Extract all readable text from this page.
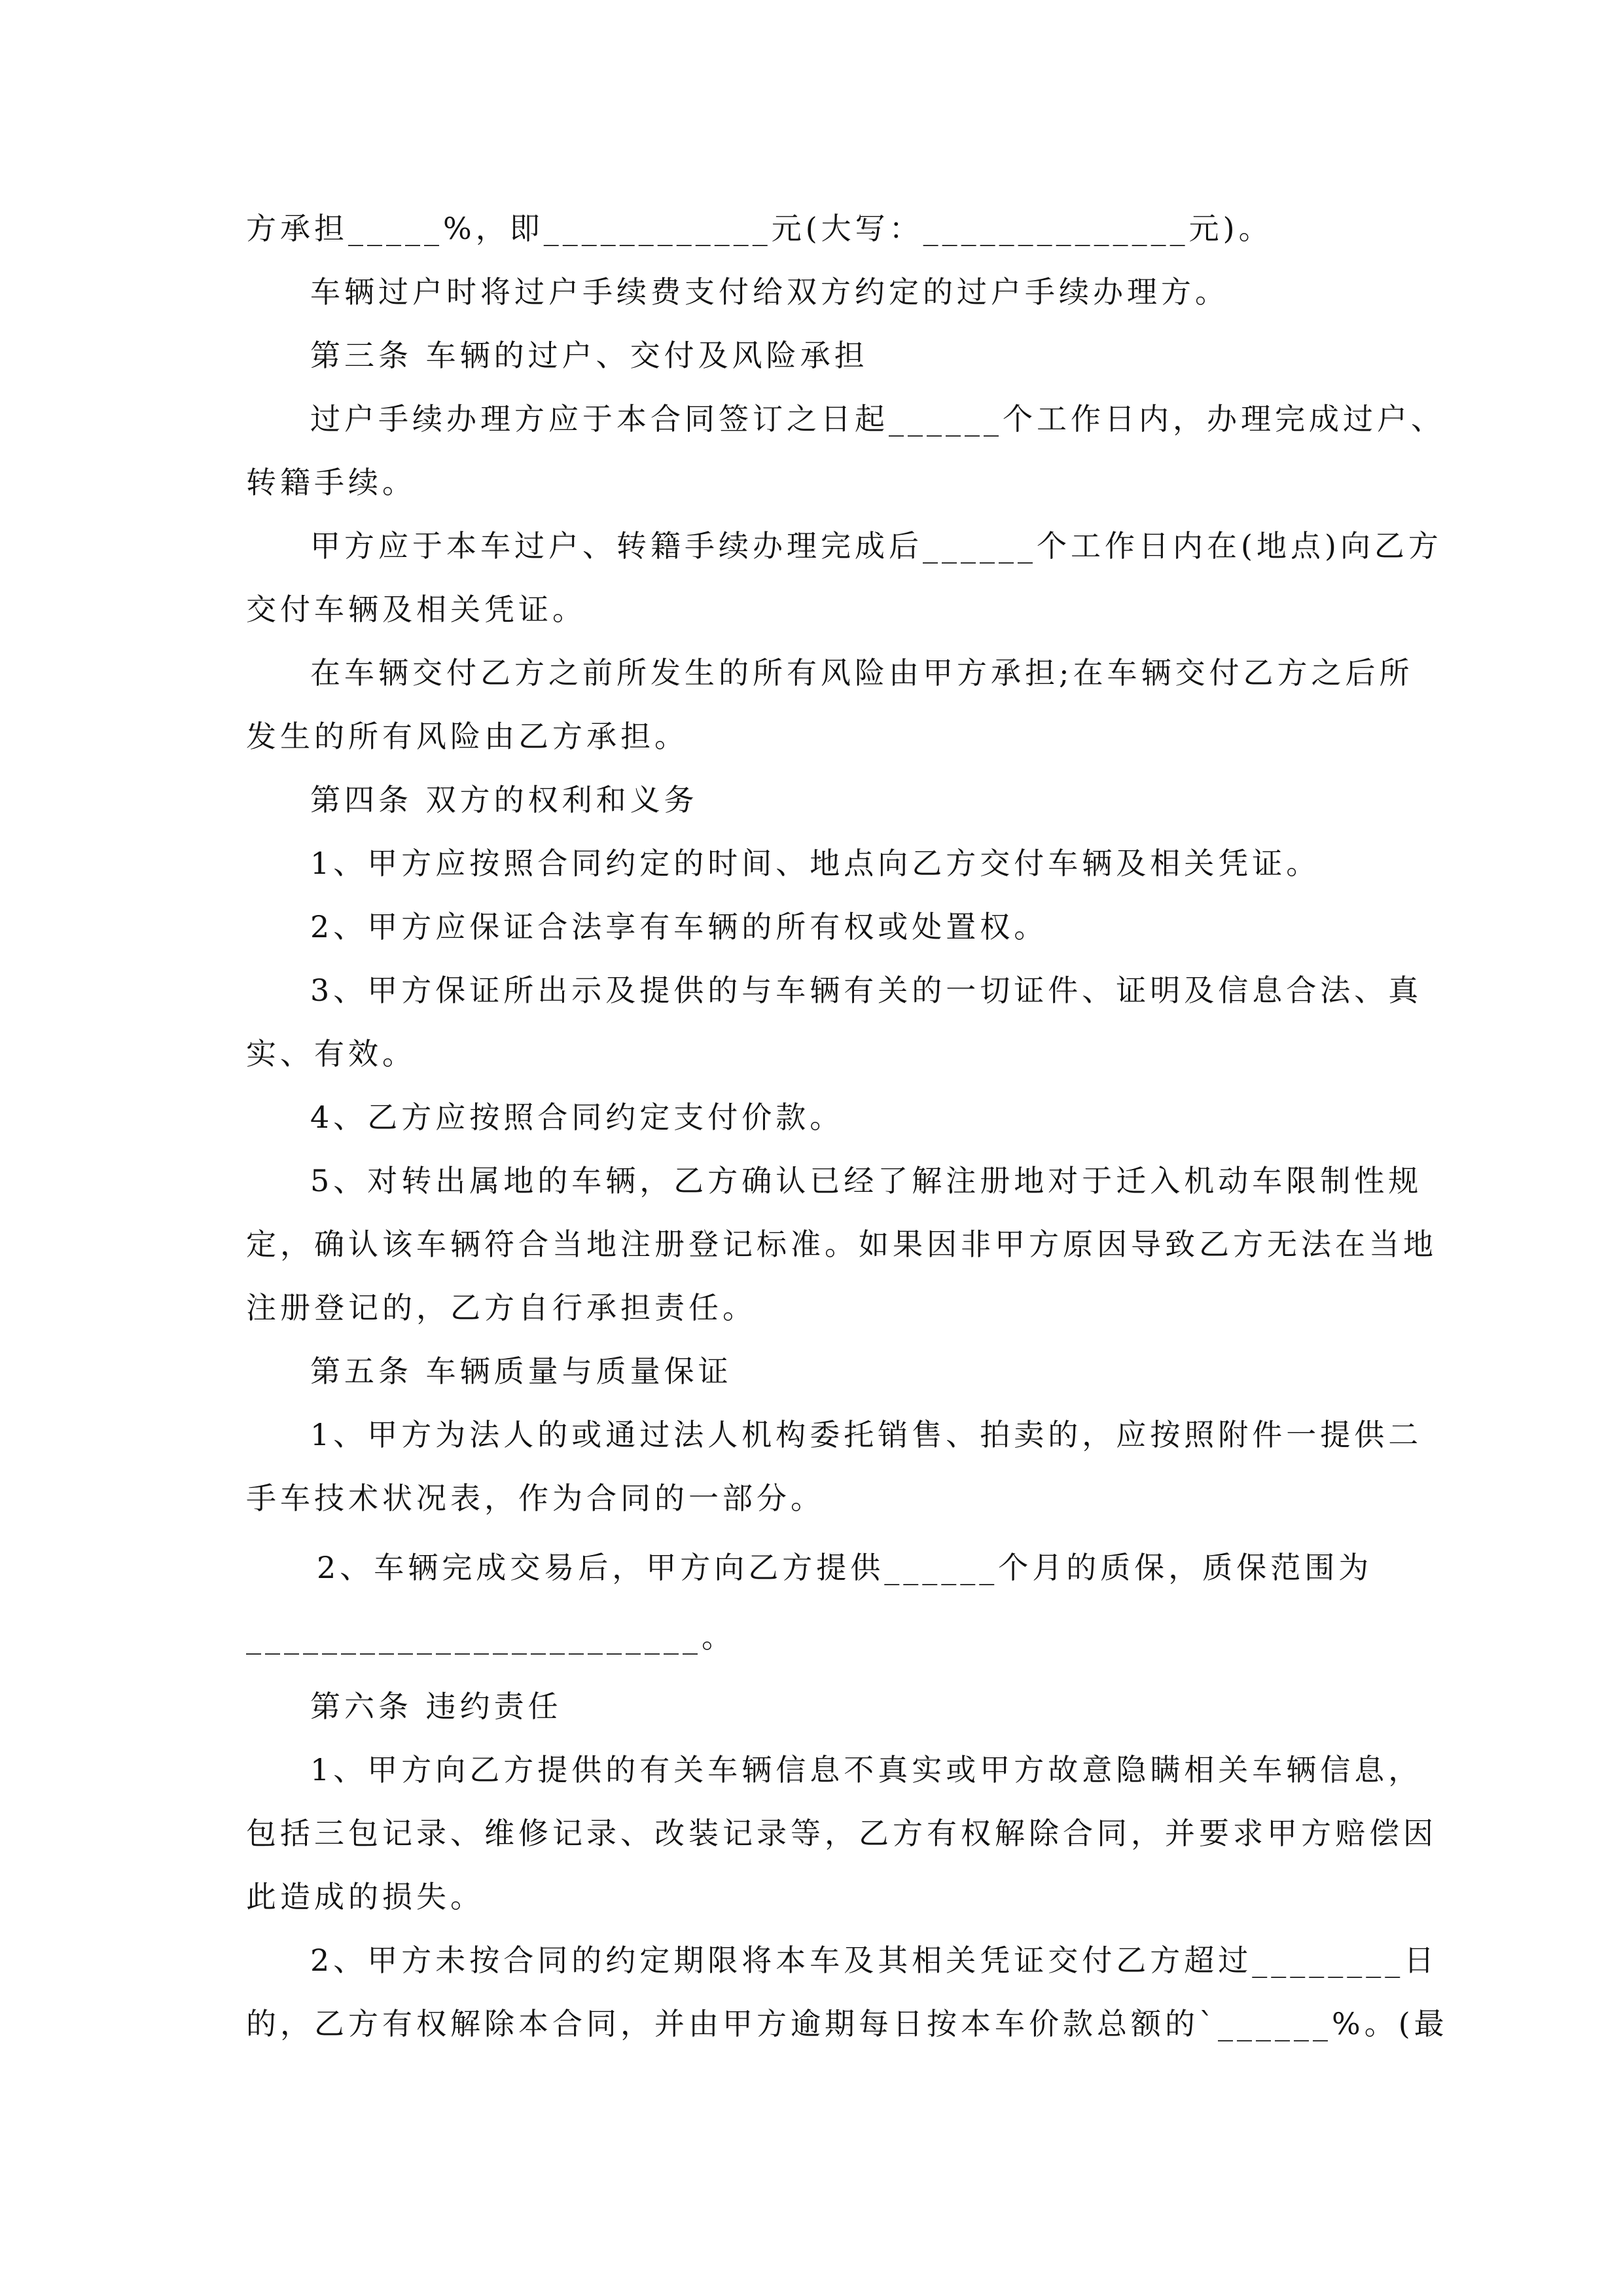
方承担_____%，即____________元(大写：______________元)。
车辆过户时将过户手续费支付给双方约定的过户手续办理方。
第三条 车辆的过户、交付及风险承担
过户手续办理方应于本合同签订之日起______个工作日内，办理完成过户、
转籍手续。
甲方应于本车过户、转籍手续办理完成后______个工作日内在(地点)向乙方
交付车辆及相关凭证。
在车辆交付乙方之前所发生的所有风险由甲方承担;在车辆交付乙方之后所
发生的所有风险由乙方承担。
第四条 双方的权利和义务
1、甲方应按照合同约定的时间、地点向乙方交付车辆及相关凭证。
2、甲方应保证合法享有车辆的所有权或处置权。
3、甲方保证所出示及提供的与车辆有关的一切证件、证明及信息合法、真
实、有效。
4、乙方应按照合同约定支付价款。
5、对转出属地的车辆，乙方确认已经了解注册地对于迁入机动车限制性规
定，确认该车辆符合当地注册登记标准。如果因非甲方原因导致乙方无法在当地
注册登记的，乙方自行承担责任。
第五条 车辆质量与质量保证
1、甲方为法人的或通过法人机构委托销售、拍卖的，应按照附件一提供二
手车技术状况表，作为合同的一部分。
2、车辆完成交易后，甲方向乙方提供______个月的质保，质保范围为
________________________。
第六条 违约责任
1、甲方向乙方提供的有关车辆信息不真实或甲方故意隐瞒相关车辆信息，
包括三包记录、维修记录、改装记录等，乙方有权解除合同，并要求甲方赔偿因
此造成的损失。
2、甲方未按合同的约定期限将本车及其相关凭证交付乙方超过________日
的，乙方有权解除本合同，并由甲方逾期每日按本车价款总额的`______%。(最
